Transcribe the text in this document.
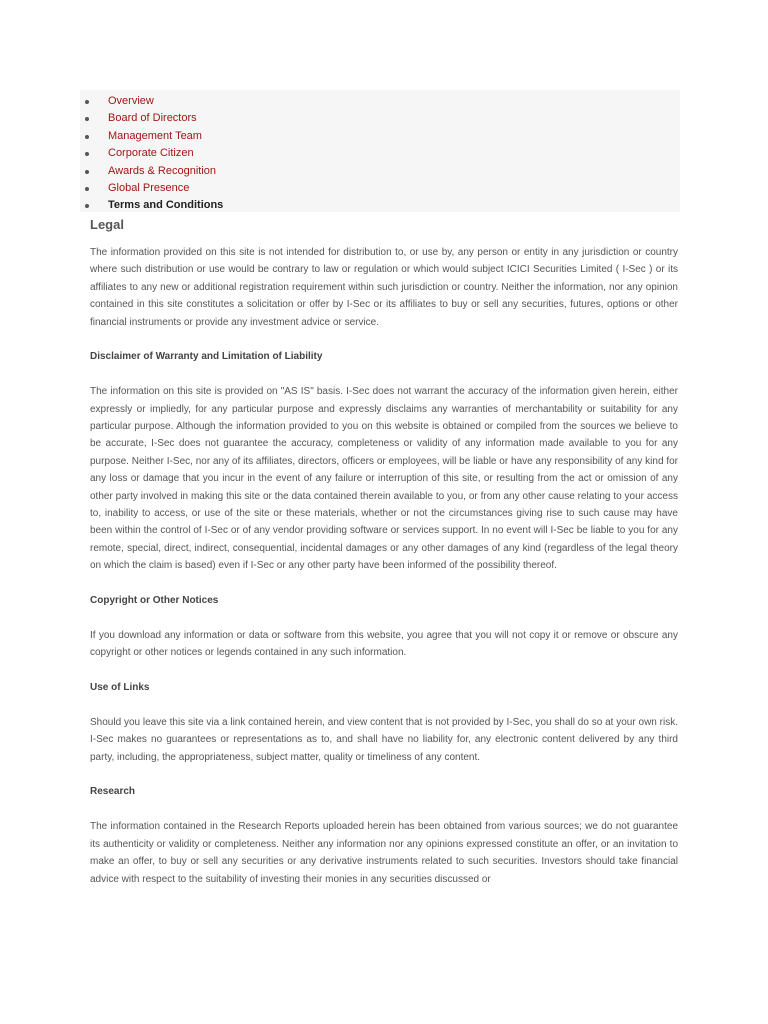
Overview
Board of Directors
Management Team
Corporate Citizen
Awards & Recognition
Global Presence
Terms and Conditions
Legal

The information provided on this site is not intended for distribution to, or use by, any person or entity in any jurisdiction or country where such distribution or use would be contrary to law or regulation or which would subject ICICI Securities Limited ( I-Sec ) or its affiliates to any new or additional registration requirement within such jurisdiction or country. Neither the information, nor any opinion contained in this site constitutes a solicitation or offer by I-Sec or its affiliates to buy or sell any securities, futures, options or other financial instruments or provide any investment advice or service.

Disclaimer of Warranty and Limitation of Liability

The information on this site is provided on "AS IS" basis. I-Sec does not warrant the accuracy of the information given herein, either expressly or impliedly, for any particular purpose and expressly disclaims any warranties of merchantability or suitability for any particular purpose. Although the information provided to you on this website is obtained or compiled from the sources we believe to be accurate, I-Sec does not guarantee the accuracy, completeness or validity of any information made available to you for any purpose. Neither I-Sec, nor any of its affiliates, directors, officers or employees, will be liable or have any responsibility of any kind for any loss or damage that you incur in the event of any failure or interruption of this site, or resulting from the act or omission of any other party involved in making this site or the data contained therein available to you, or from any other cause relating to your access to, inability to access, or use of the site or these materials, whether or not the circumstances giving rise to such cause may have been within the control of I-Sec or of any vendor providing software or services support. In no event will I-Sec be liable to you for any remote, special, direct, indirect, consequential, incidental damages or any other damages of any kind (regardless of the legal theory on which the claim is based) even if I-Sec or any other party have been informed of the possibility thereof.

Copyright or Other Notices

If you download any information or data or software from this website, you agree that you will not copy it or remove or obscure any copyright or other notices or legends contained in any such information.

Use of Links

Should you leave this site via a link contained herein, and view content that is not provided by I-Sec, you shall do so at your own risk. I-Sec makes no guarantees or representations as to, and shall have no liability for, any electronic content delivered by any third party, including, the appropriateness, subject matter, quality or timeliness of any content.

Research

The information contained in the Research Reports uploaded herein has been obtained from various sources; we do not guarantee its authenticity or validity or completeness. Neither any information nor any opinions expressed constitute an offer, or an invitation to make an offer, to buy or sell any securities or any derivative instruments related to such securities. Investors should take financial advice with respect to the suitability of investing their monies in any securities discussed or
